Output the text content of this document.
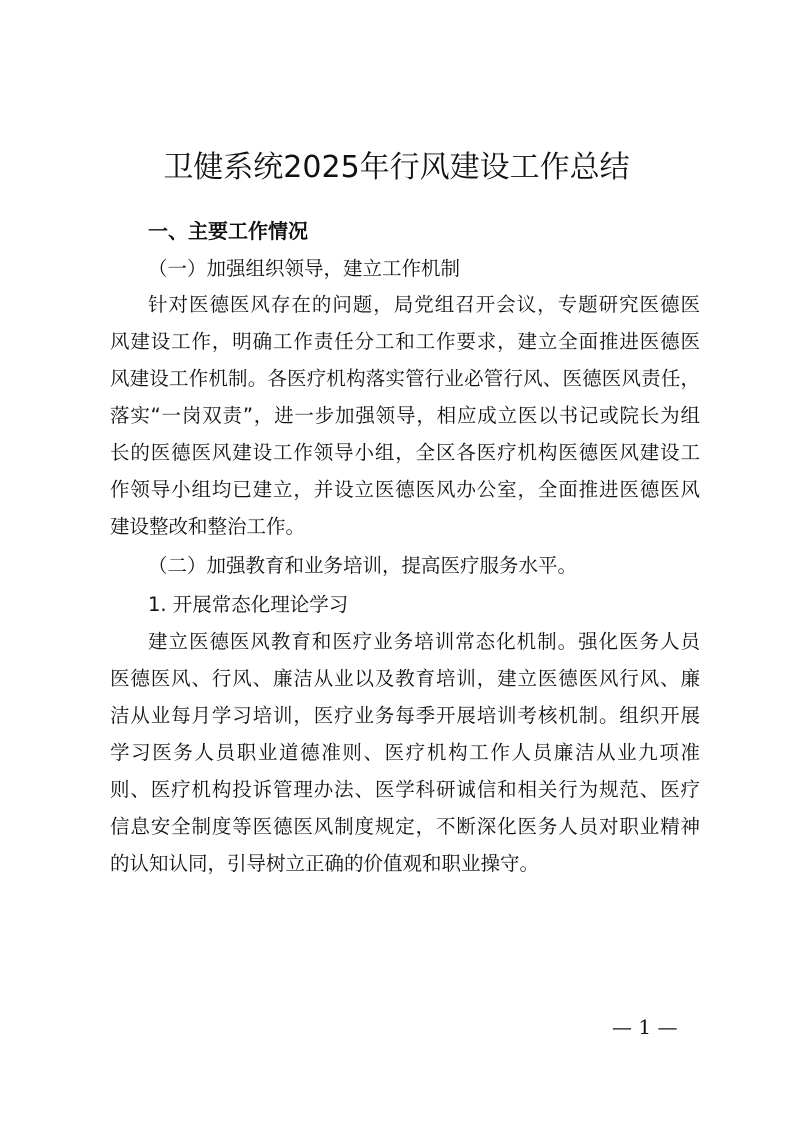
卫健系统2025年行风建设工作总结
一、主要工作情况
（一）加强组织领导，建立工作机制
针对医德医风存在的问题，局党组召开会议，专题研究医德医
风建设工作，明确工作责任分工和工作要求，建立全面推进医德医
风建设工作机制。各医疗机构落实管行业必管行风、医德医风责任，
落实“一岗双责”，进一步加强领导，相应成立医以书记或院长为组
长的医德医风建设工作领导小组，全区各医疗机构医德医风建设工
作领导小组均已建立，并设立医德医风办公室，全面推进医德医风
建设整改和整治工作。
（二）加强教育和业务培训，提高医疗服务水平。
1. 开展常态化理论学习
建立医德医风教育和医疗业务培训常态化机制。强化医务人员
医德医风、行风、廉洁从业以及教育培训，建立医德医风行风、廉
洁从业每月学习培训，医疗业务每季开展培训考核机制。组织开展
学习医务人员职业道德准则、医疗机构工作人员廉洁从业九项准
则、医疗机构投诉管理办法、医学科研诚信和相关行为规范、医疗
信息安全制度等医德医风制度规定，不断深化医务人员对职业精神
的认知认同，引导树立正确的价值观和职业操守。
— 1 —
